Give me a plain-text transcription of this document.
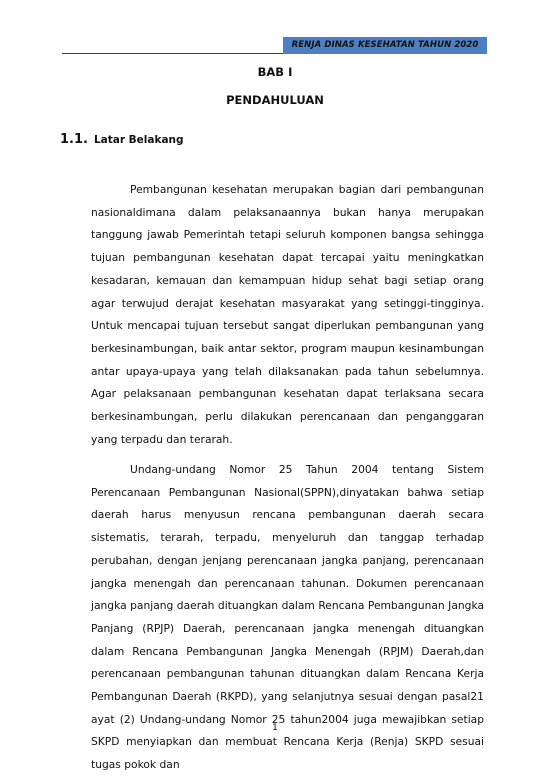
RENJA DINAS KESEHATAN TAHUN 2020
BAB I
PENDAHULUAN
1.1. Latar Belakang

Pembangunan kesehatan merupakan bagian dari pembangunan nasionaldimana dalam pelaksanaannya bukan hanya merupakan tanggung jawab Pemerintah tetapi seluruh komponen bangsa sehingga tujuan pembangunan kesehatan dapat tercapai yaitu meningkatkan kesadaran, kemauan dan kemampuan hidup sehat bagi setiap orang agar terwujud derajat kesehatan masyarakat yang setinggi-tingginya. Untuk mencapai tujuan tersebut sangat diperlukan pembangunan yang berkesinambungan, baik antar sektor, program maupun kesinambungan antar upaya-upaya yang telah dilaksanakan pada tahun sebelumnya. Agar pelaksanaan pembangunan kesehatan dapat terlaksana secara berkesinambungan, perlu dilakukan perencanaan dan penganggaran yang terpadu dan terarah.

Undang-undang Nomor 25 Tahun 2004 tentang Sistem Perencanaan Pembangunan Nasional(SPPN),dinyatakan bahwa setiap daerah harus menyusun rencana pembangunan daerah secara sistematis, terarah, terpadu, menyeluruh dan tanggap terhadap perubahan, dengan jenjang perencanaan jangka panjang, perencanaan jangka menengah dan perencanaan tahunan. Dokumen perencanaan jangka panjang daerah dituangkan dalam Rencana Pembangunan Jangka Panjang (RPJP) Daerah, perencanaan jangka menengah dituangkan dalam Rencana Pembangunan Jangka Menengah (RPJM) Daerah,dan perencanaan pembangunan tahunan dituangkan dalam Rencana Kerja Pembangunan Daerah (RKPD), yang selanjutnya sesuai dengan pasal21 ayat (2) Undang-undang Nomor 25 tahun2004 juga mewajibkan setiap SKPD menyiapkan dan membuat Rencana Kerja (Renja) SKPD sesuai tugas pokok dan

1
